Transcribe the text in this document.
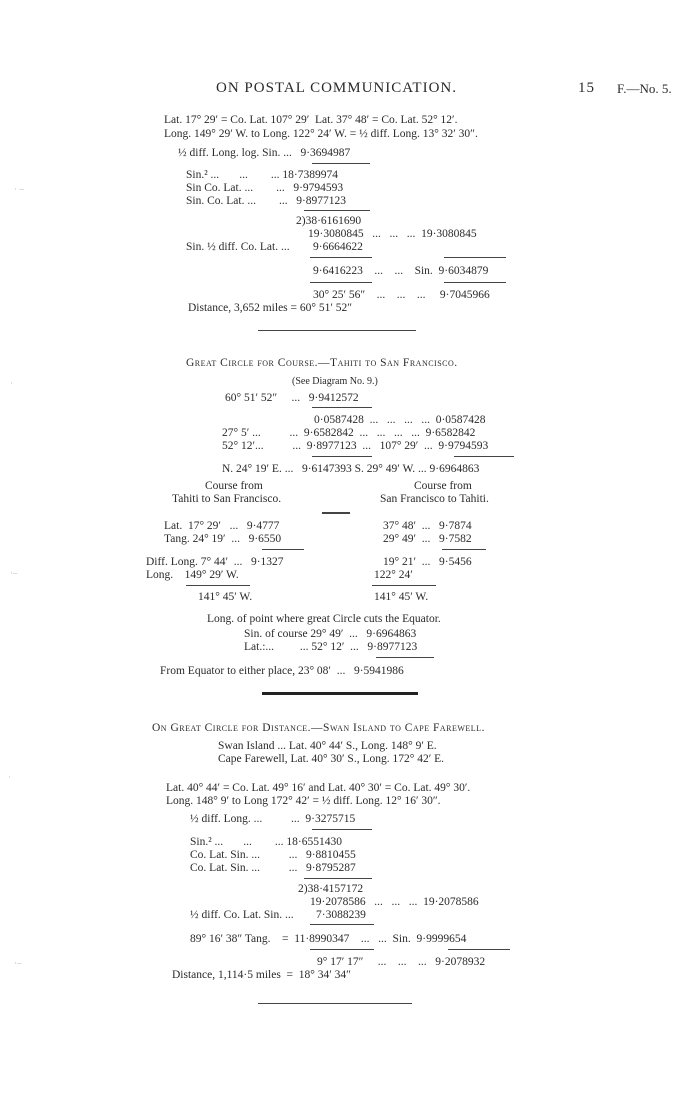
ON POSTAL COMMUNICATION.	15 F.—No. 5.
· –
·
·–
·
·–
Lat. 17° 29′ = Co. Lat. 107° 29′  Lat. 37° 48′ = Co. Lat. 52° 12′.
Long. 149° 29′ W. to Long. 122° 24′ W. = ½ diff. Long. 13° 32′ 30″.
½ diff. Long. log. Sin. ...   9·3694987
Sin.² ...       ...        ... 18·7389974
Sin Co. Lat. ...        ...   9·9794593
Sin. Co. Lat. ...        ...   9·8977123
2)38·6161690
19·3080845   ...   ...   ...  19·3080845
Sin. ½ diff. Co. Lat. ... 9·6664622
9·6416223    ...    ...    Sin.  9·6034879
30° 25′ 56″    ...    ...    ...     9·7045966
Distance, 3,652 miles = 60° 51′ 52″
Great Circle for Course.—Tahiti to San Francisco.
(See Diagram No. 9.)
60° 51′ 52″     ...   9·9412572
0·0587428  ...   ...   ...   ...  0·0587428
27° 5′ ...          ...  9·6582842  ...   ...   ...   ...  9·6582842
52° 12′...          ...  9·8977123  ...   107° 29′  ...  9·9794593
N. 24° 19′ E. ...   9·6147393 S. 29° 49′ W. ... 9·6964863
Course from
Tahiti to San Francisco.
Course from
San Francisco to Tahiti.
Lat.  17° 29′   ...   9·4777
Tang. 24° 19′  ...   9·6550
Diff. Long. 7° 44′  ...   9·1327
Long.    149° 29′ W.
141° 45′ W.
37° 48′  ...   9·7874
29° 49′  ...   9·7582
19° 21′  ...   9·5456
122° 24′
141° 45′ W.
Long. of point where great Circle cuts the Equator.
Sin. of course 29° 49′  ...   9·6964863
Lat.:...         ... 52° 12′  ...   9·8977123
From Equator to either place, 23° 08′  ...   9·5941986
On Great Circle for Distance.—Swan Island to Cape Farewell.
Swan Island ... Lat. 40° 44′ S., Long. 148° 9′ E.
Cape Farewell, Lat. 40° 30′ S., Long. 172° 42′ E.
Lat. 40° 44′ = Co. Lat. 49° 16′ and Lat. 40° 30′ = Co. Lat. 49° 30′.
Long. 148° 9′ to Long 172° 42′ = ½ diff. Long. 12° 16′ 30″.
½ diff. Long. ...          ...  9·3275715
Sin.² ...       ...        ... 18·6551430
Co. Lat. Sin. ...          ...   9·8810455
Co. Lat. Sin. ...          ...   9·8795287
2)38·4157172
19·2078586   ...   ...   ...  19·2078586
½ diff. Co. Lat. Sin. ... 7·3088239
89° 16′ 38″ Tang.    =  11·8990347    ...   ...  Sin.  9·9999654
9° 17′ 17″     ...    ...    ...   9·2078932
Distance, 1,114·5 miles  =  18° 34′ 34″
